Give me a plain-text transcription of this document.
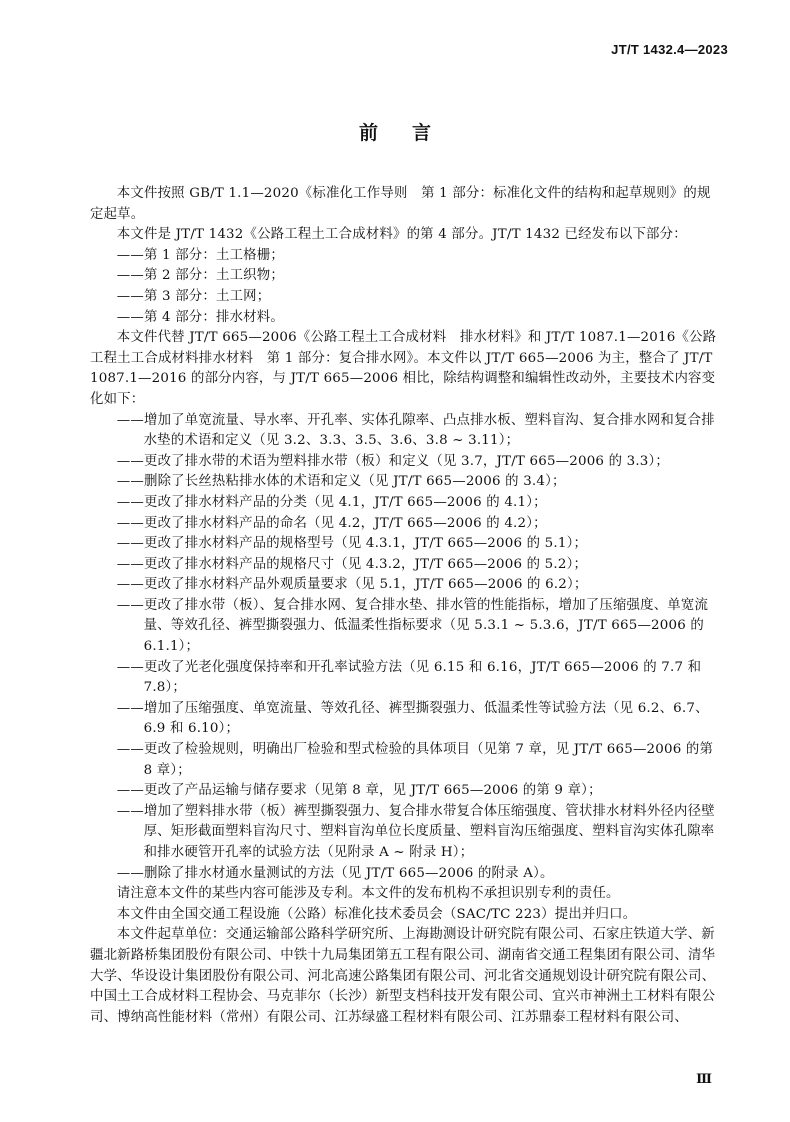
JT/T 1432.4—2023
前言

本文件按照 GB/T 1.1—2020《标准化工作导则　第 1 部分：标准化文件的结构和起草规则》的规定起草。

本文件是 JT/T 1432《公路工程土工合成材料》的第 4 部分。JT/T 1432 已经发布以下部分：

——第 1 部分：土工格栅；

——第 2 部分：土工织物；

——第 3 部分：土工网；

——第 4 部分：排水材料。

本文件代替 JT/T 665—2006《公路工程土工合成材料　排水材料》和 JT/T 1087.1—2016《公路工程土工合成材料排水材料　第 1 部分：复合排水网》。本文件以 JT/T 665—2006 为主，整合了 JT/T 1087.1—2016 的部分内容，与 JT/T 665—2006 相比，除结构调整和编辑性改动外，主要技术内容变化如下：

——增加了单宽流量、导水率、开孔率、实体孔隙率、凸点排水板、塑料盲沟、复合排水网和复合排水垫的术语和定义（见 3.2、3.3、3.5、3.6、3.8 ~ 3.11）；

——更改了排水带的术语为塑料排水带（板）和定义（见 3.7，JT/T 665—2006 的 3.3）；

——删除了长丝热粘排水体的术语和定义（见 JT/T 665—2006 的 3.4）；

——更改了排水材料产品的分类（见 4.1，JT/T 665—2006 的 4.1）；

——更改了排水材料产品的命名（见 4.2，JT/T 665—2006 的 4.2）；

——更改了排水材料产品的规格型号（见 4.3.1，JT/T 665—2006 的 5.1）；

——更改了排水材料产品的规格尺寸（见 4.3.2，JT/T 665—2006 的 5.2）；

——更改了排水材料产品外观质量要求（见 5.1，JT/T 665—2006 的 6.2）；

——更改了排水带（板）、复合排水网、复合排水垫、排水管的性能指标，增加了压缩强度、单宽流量、等效孔径、裤型撕裂强力、低温柔性指标要求（见 5.3.1 ~ 5.3.6，JT/T 665—2006 的 6.1.1）；

——更改了光老化强度保持率和开孔率试验方法（见 6.15 和 6.16，JT/T 665—2006 的 7.7 和 7.8）；

——增加了压缩强度、单宽流量、等效孔径、裤型撕裂强力、低温柔性等试验方法（见 6.2、6.7、6.9 和 6.10）；

——更改了检验规则，明确出厂检验和型式检验的具体项目（见第 7 章，见 JT/T 665—2006 的第 8 章）；

——更改了产品运输与储存要求（见第 8 章，见 JT/T 665—2006 的第 9 章）；

——增加了塑料排水带（板）裤型撕裂强力、复合排水带复合体压缩强度、管状排水材料外径内径壁厚、矩形截面塑料盲沟尺寸、塑料盲沟单位长度质量、塑料盲沟压缩强度、塑料盲沟实体孔隙率和排水硬管开孔率的试验方法（见附录 A ~ 附录 H）；

——删除了排水材通水量测试的方法（见 JT/T 665—2006 的附录 A）。

请注意本文件的某些内容可能涉及专利。本文件的发布机构不承担识别专利的责任。

本文件由全国交通工程设施（公路）标准化技术委员会（SAC/TC 223）提出并归口。

本文件起草单位：交通运输部公路科学研究所、上海勘测设计研究院有限公司、石家庄铁道大学、新疆北新路桥集团股份有限公司、中铁十九局集团第五工程有限公司、湖南省交通工程集团有限公司、清华大学、华设设计集团股份有限公司、河北高速公路集团有限公司、河北省交通规划设计研究院有限公司、中国土工合成材料工程协会、马克菲尔（长沙）新型支档科技开发有限公司、宜兴市神洲土工材料有限公司、博纳高性能材料（常州）有限公司、江苏绿盛工程材料有限公司、江苏鼎泰工程材料有限公司、

Ⅲ
